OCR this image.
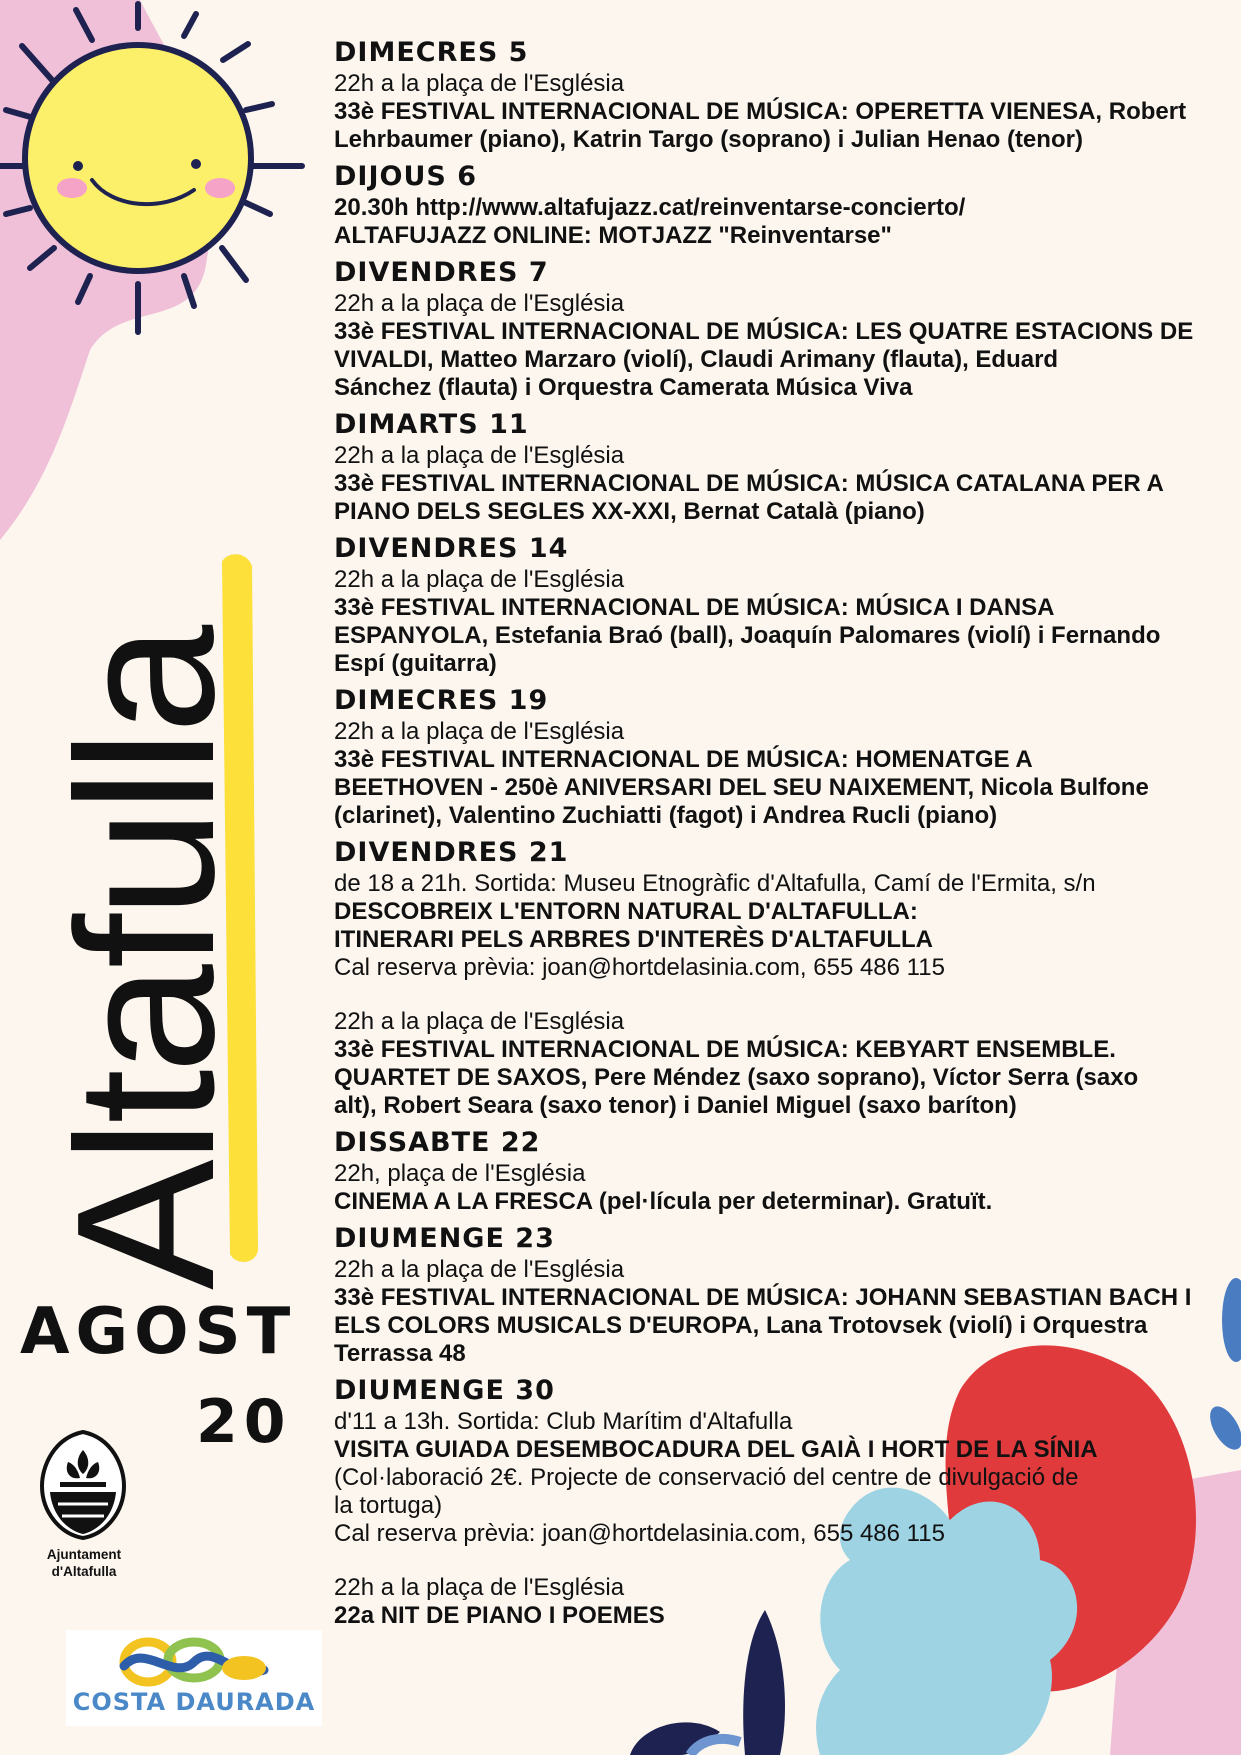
Altafulla
AGOST
20
Ajuntament
d'Altafulla
COSTA DAURADA
DIMECRES 5
22h a la plaça de l'Església
33è FESTIVAL INTERNACIONAL DE MÚSICA: OPERETTA VIENESA, Robert
Lehrbaumer (piano), Katrin Targo (soprano) i Julian Henao (tenor)
DIJOUS 6
20.30h http://www.altafujazz.cat/reinventarse-concierto/
ALTAFUJAZZ ONLINE: MOTJAZZ "Reinventarse"
DIVENDRES 7
22h a la plaça de l'Església
33è FESTIVAL INTERNACIONAL DE MÚSICA: LES QUATRE ESTACIONS DE
VIVALDI, Matteo Marzaro (violí), Claudi Arimany (flauta), Eduard
Sánchez (flauta) i Orquestra Camerata Música Viva
DIMARTS 11
22h a la plaça de l'Església
33è FESTIVAL INTERNACIONAL DE MÚSICA: MÚSICA CATALANA PER A
PIANO DELS SEGLES XX-XXI, Bernat Català (piano)
DIVENDRES 14
22h a la plaça de l'Església
33è FESTIVAL INTERNACIONAL DE MÚSICA: MÚSICA I DANSA
ESPANYOLA, Estefania Braó (ball), Joaquín Palomares (violí) i Fernando
Espí (guitarra)
DIMECRES 19
22h a la plaça de l'Església
33è FESTIVAL INTERNACIONAL DE MÚSICA: HOMENATGE A
BEETHOVEN - 250è ANIVERSARI DEL SEU NAIXEMENT, Nicola Bulfone
(clarinet), Valentino Zuchiatti (fagot) i Andrea Rucli (piano)
DIVENDRES 21
de 18 a 21h. Sortida: Museu Etnogràfic d'Altafulla, Camí de l'Ermita, s/n
DESCOBREIX L'ENTORN NATURAL D'ALTAFULLA:
ITINERARI PELS ARBRES D'INTERÈS D'ALTAFULLA
Cal reserva prèvia: joan@hortdelasinia.com, 655 486 115
22h a la plaça de l'Església
33è FESTIVAL INTERNACIONAL DE MÚSICA: KEBYART ENSEMBLE.
QUARTET DE SAXOS, Pere Méndez (saxo soprano), Víctor Serra (saxo
alt), Robert Seara (saxo tenor) i Daniel Miguel (saxo baríton)
DISSABTE 22
22h, plaça de l'Església
CINEMA A LA FRESCA (pel·lícula per determinar). Gratuït.
DIUMENGE 23
22h a la plaça de l'Església
33è FESTIVAL INTERNACIONAL DE MÚSICA: JOHANN SEBASTIAN BACH I
ELS COLORS MUSICALS D'EUROPA, Lana Trotovsek (violí) i Orquestra
Terrassa 48
DIUMENGE 30
d'11 a 13h. Sortida: Club Marítim d'Altafulla
VISITA GUIADA DESEMBOCADURA DEL GAIÀ I HORT DE LA SÍNIA
(Col·laboració 2€. Projecte de conservació del centre de divulgació de
la tortuga)
Cal reserva prèvia: joan@hortdelasinia.com, 655 486 115
22h a la plaça de l'Església
22a NIT DE PIANO I POEMES
